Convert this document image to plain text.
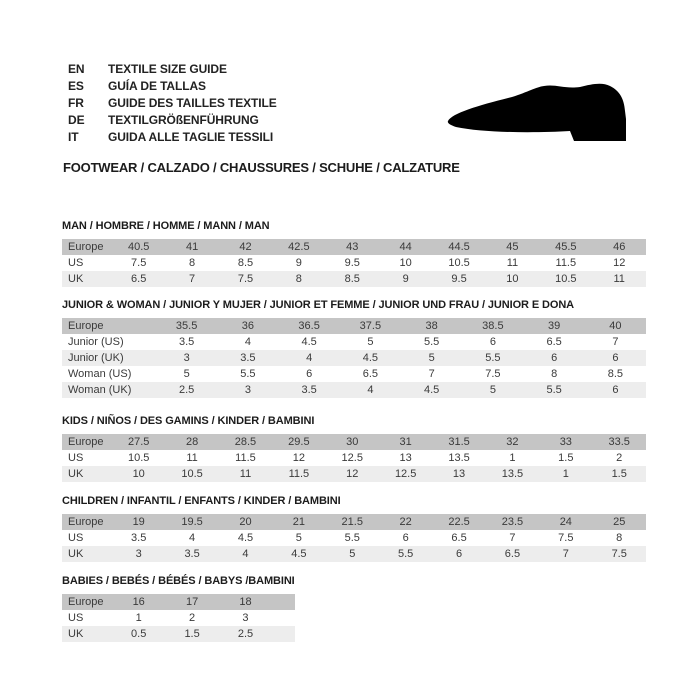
EN	TEXTILE SIZE GUIDE
ES	GUÍA DE TALLAS
FR	GUIDE DES TAILLES TEXTILE
DE	TEXTILGRÖßENFÜHRUNG
IT	GUIDA ALLE TAGLIE TESSILI
FOOTWEAR / CALZADO / CHAUSSURES / SCHUHE / CALZATURE
MAN / HOMBRE / HOMME / MANN / MAN
Europe	40.5	41	42	42.5	43	44	44.5	45	45.5	46
US	7.5	8	8.5	9	9.5	10	10.5	11	11.5	12
UK	6.5	7	7.5	8	8.5	9	9.5	10	10.5	11
JUNIOR & WOMAN / JUNIOR Y MUJER / JUNIOR ET FEMME / JUNIOR UND FRAU / JUNIOR E DONA
Europe	35.5	36	36.5	37.5	38	38.5	39	40
Junior (US)	3.5	4	4.5	5	5.5	6	6.5	7
Junior (UK)	3	3.5	4	4.5	5	5.5	6	6
Woman (US)	5	5.5	6	6.5	7	7.5	8	8.5
Woman (UK)	2.5	3	3.5	4	4.5	5	5.5	6
KIDS / NIÑOS / DES GAMINS / KINDER / BAMBINI
Europe	27.5	28	28.5	29.5	30	31	31.5	32	33	33.5
US	10.5	11	11.5	12	12.5	13	13.5	1	1.5	2
UK	10	10.5	11	11.5	12	12.5	13	13.5	1	1.5
CHILDREN / INFANTIL / ENFANTS / KINDER / BAMBINI
Europe	19	19.5	20	21	21.5	22	22.5	23.5	24	25
US	3.5	4	4.5	5	5.5	6	6.5	7	7.5	8
UK	3	3.5	4	4.5	5	5.5	6	6.5	7	7.5
BABIES / BEBÉS / BÉBÉS / BABYS /BAMBINI
Europe	16	17	18	
US	1	2	3	
UK	0.5	1.5	2.5	
